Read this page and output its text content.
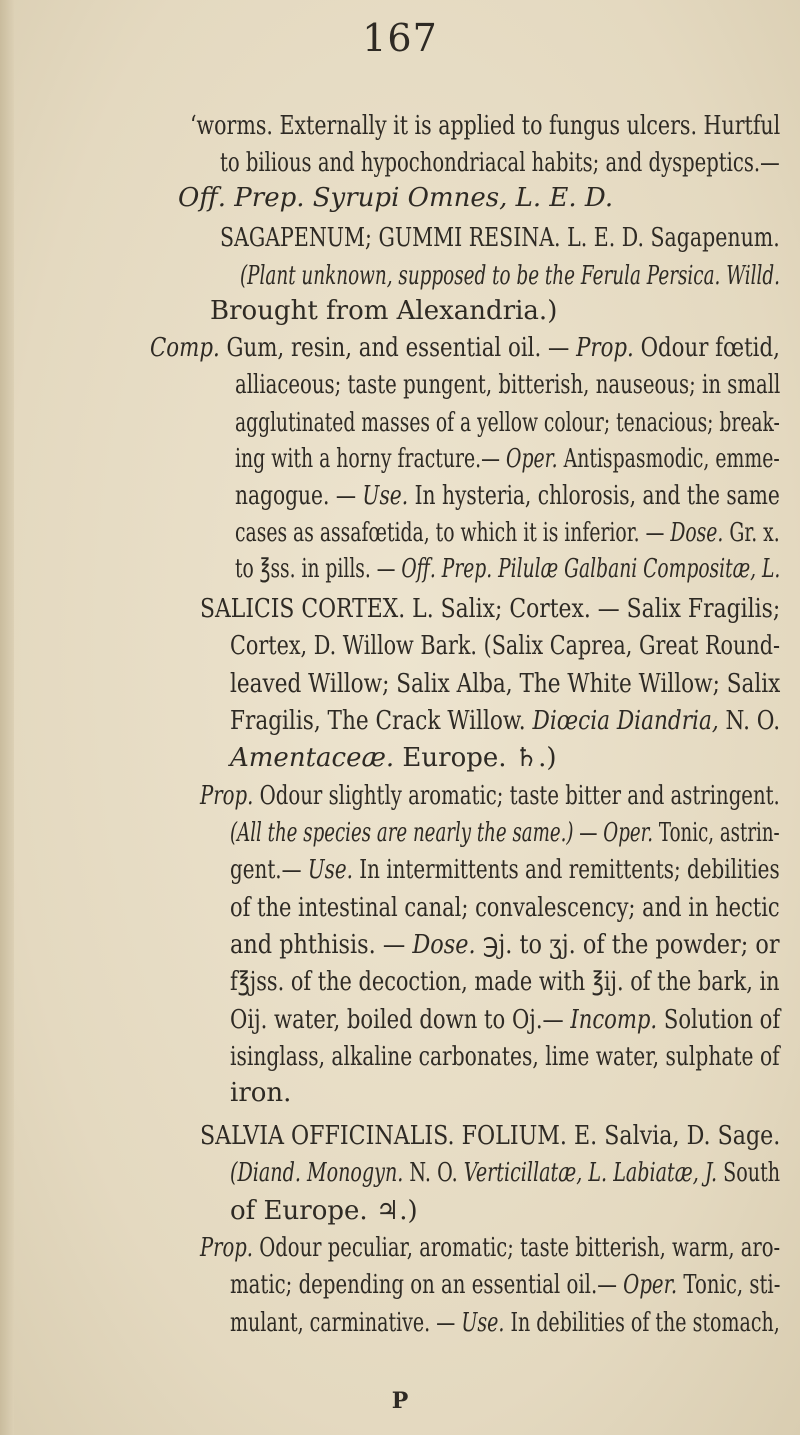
167
‘worms. Externally it is applied to fungus ulcers. Hurtful
to bilious and hypochondriacal habits; and dyspeptics.—
Off. Prep. Syrupi Omnes, L. E. D.
SAGAPENUM; GUMMI RESINA. L. E. D. Sagapenum.
(Plant unknown, supposed to be the Ferula Persica. Willd.
Brought from Alexandria.)
Comp. Gum, resin, and essential oil. — Prop. Odour fœtid,
alliaceous; taste pungent, bitterish, nauseous; in small
agglutinated masses of a yellow colour; tenacious; break-
ing with a horny fracture.— Oper. Antispasmodic, emme-
nagogue. — Use. In hysteria, chlorosis, and the same
cases as assafœtida, to which it is inferior. — Dose. Gr. x.
to ℥ss. in pills. — Off. Prep. Pilulæ Galbani Compositæ, L.
SALICIS CORTEX. L. Salix; Cortex. — Salix Fragilis;
Cortex, D. Willow Bark. (Salix Caprea, Great Round-
leaved Willow; Salix Alba, The White Willow; Salix
Fragilis, The Crack Willow. Diœcia Diandria, N. O.
Amentaceæ. Europe. ♄.)
Prop. Odour slightly aromatic; taste bitter and astringent.
(All the species are nearly the same.) — Oper. Tonic, astrin-
gent.— Use. In intermittents and remittents; debilities
of the intestinal canal; convalescency; and in hectic
and phthisis. — Dose. ℈j. to ʒj. of the powder; or
f℥jss. of the decoction, made with ℥ij. of the bark, in
Oij. water, boiled down to Oj.— Incomp. Solution of
isinglass, alkaline carbonates, lime water, sulphate of
iron.
SALVIA OFFICINALIS. FOLIUM. E. Salvia, D. Sage.
(Diand. Monogyn. N. O. Verticillatæ, L. Labiatæ, J. South
of Europe. ♃.)
Prop. Odour peculiar, aromatic; taste bitterish, warm, aro-
matic; depending on an essential oil.— Oper. Tonic, sti-
mulant, carminative. — Use. In debilities of the stomach,
P
